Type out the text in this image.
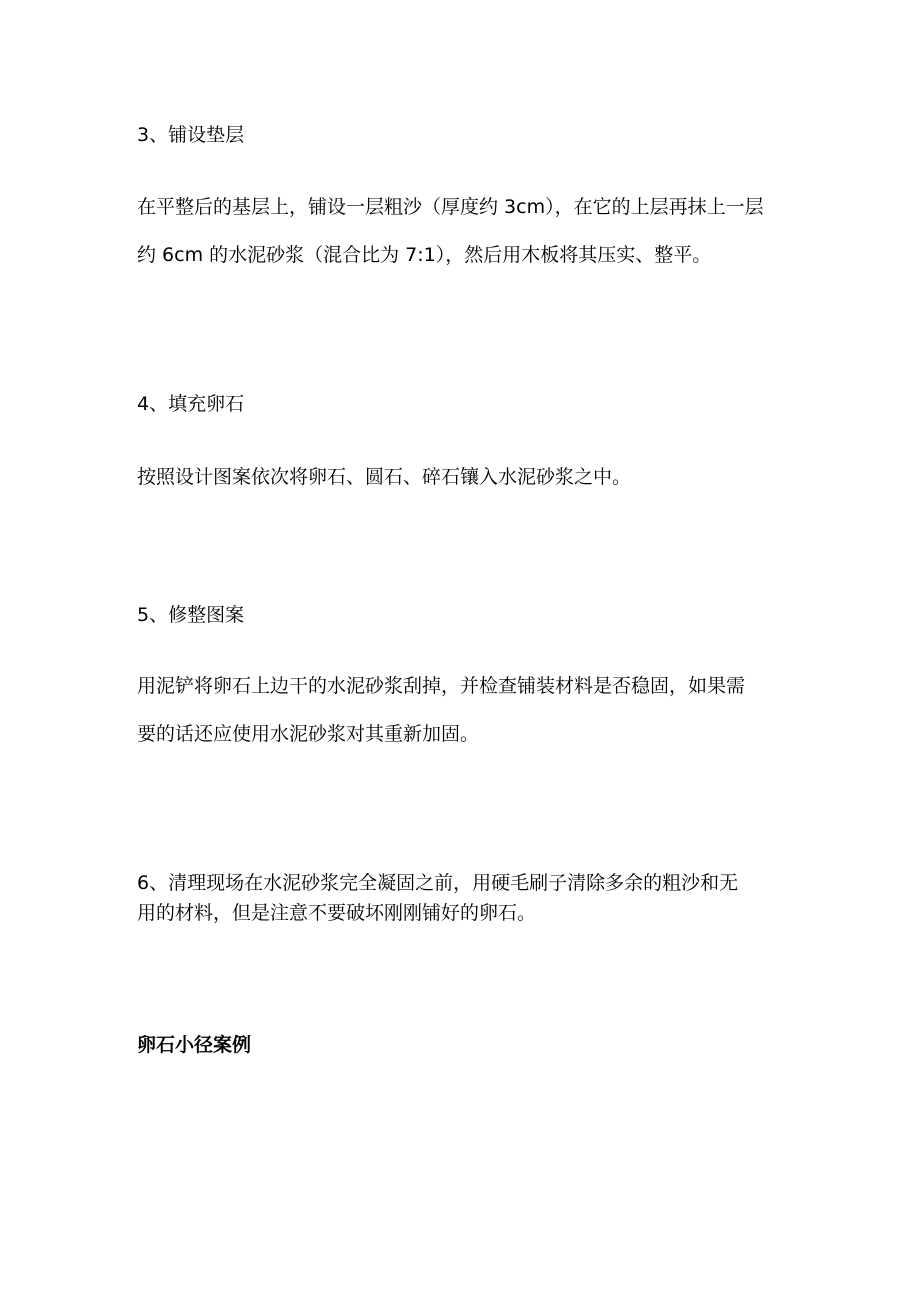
3、铺设垫层

在平整后的基层上，铺设一层粗沙（厚度约 3cm），在它的上层再抹上一层

约 6cm 的水泥砂浆（混合比为 7:1），然后用木板将其压实、整平。

4、填充卵石

按照设计图案依次将卵石、圆石、碎石镶入水泥砂浆之中。

5、修整图案

用泥铲将卵石上边干的水泥砂浆刮掉，并检查铺装材料是否稳固，如果需

要的话还应使用水泥砂浆对其重新加固。

6、清理现场在水泥砂浆完全凝固之前，用硬毛刷子清除多余的粗沙和无

用的材料，但是注意不要破坏刚刚铺好的卵石。

卵石小径案例
